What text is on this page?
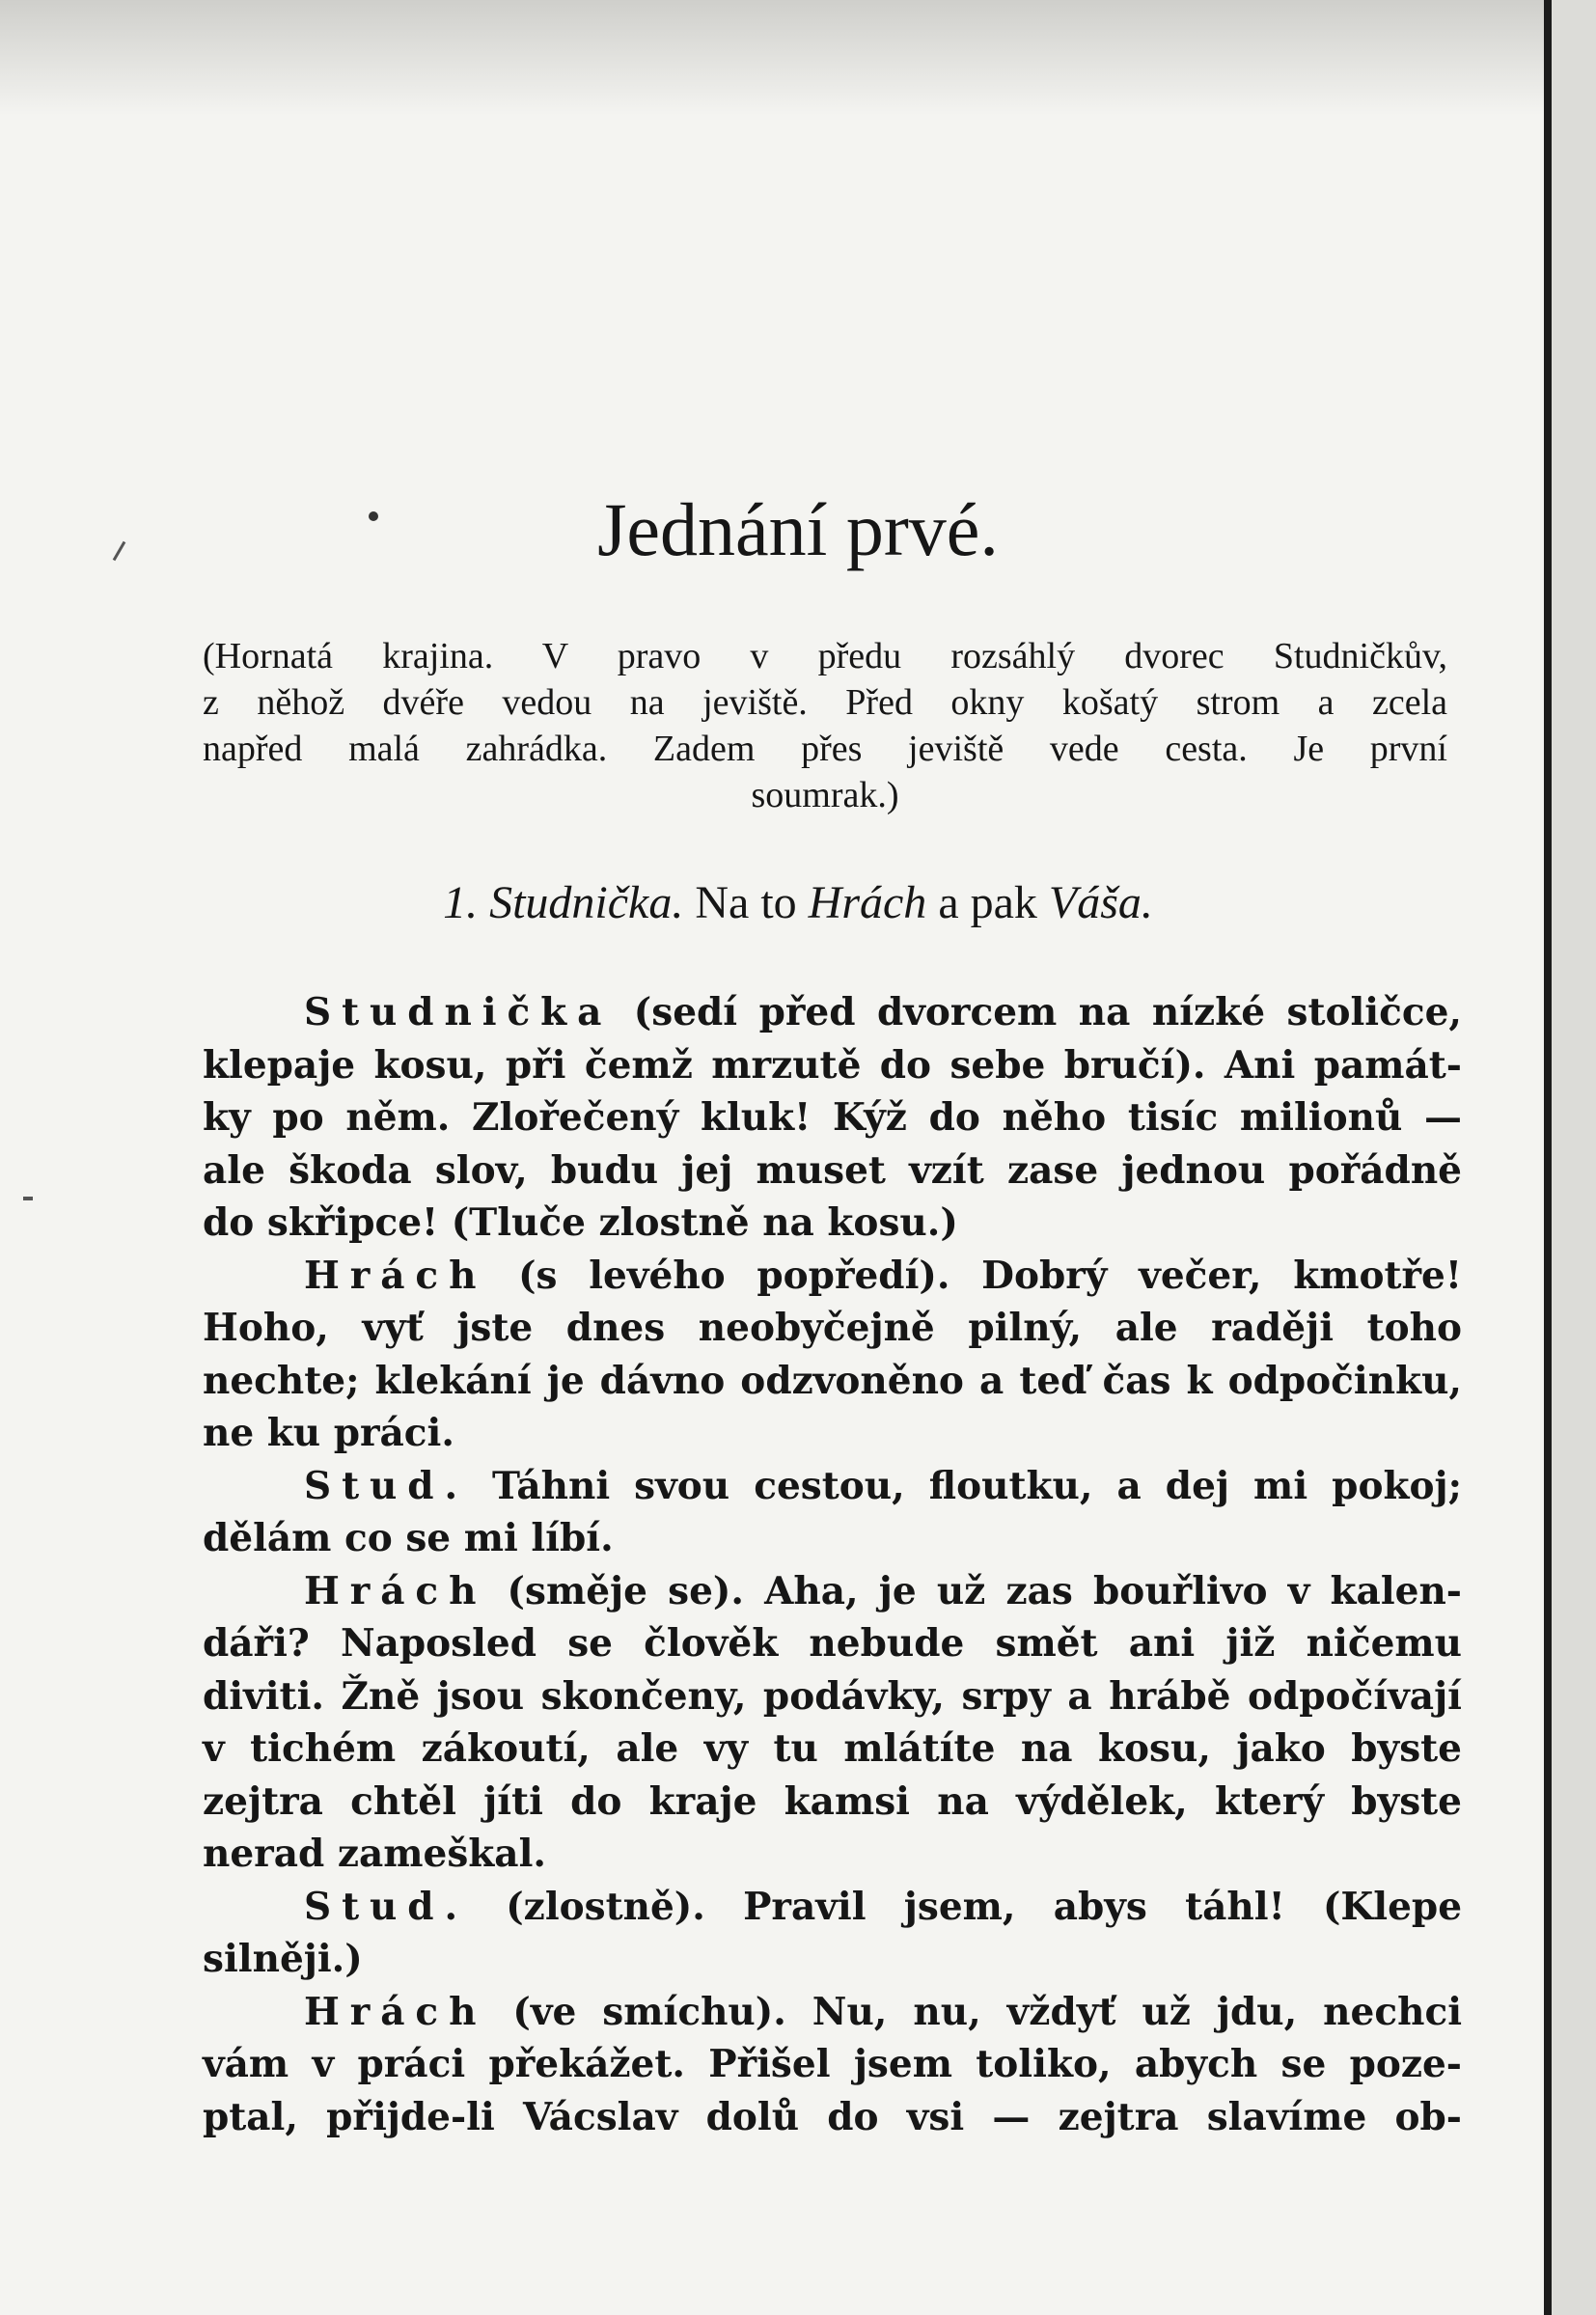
Jednání prvé.
(Hornatá krajina. V pravo v předu rozsáhlý dvorec Studničkův,
z něhož dvéře vedou na jeviště. Před okny košatý strom a zcela
napřed malá zahrádka. Zadem přes jeviště vede cesta. Je první
soumrak.)
1. Studnička. Na to Hrách a pak Váša.
Studnička (sedí před dvorcem na nízké stoličce,
klepaje kosu, při čemž mrzutě do sebe bručí). Ani památ-
ky po něm. Zlořečený kluk! Kýž do něho tisíc milionů —
ale škoda slov, budu jej muset vzít zase jednou pořádně
do skřipce! (Tluče zlostně na kosu.)
Hrách (s levého popředí). Dobrý večer, kmotře!
Hoho, vyť jste dnes neobyčejně pilný, ale raději toho
nechte; klekání je dávno odzvoněno a teď čas k odpočinku,
ne ku práci.
Stud. Táhni svou cestou, floutku, a dej mi pokoj;
dělám co se mi líbí.
Hrách (směje se). Aha, je už zas bouřlivo v kalen-
dáři? Naposled se člověk nebude smět ani již ničemu
diviti. Žně jsou skončeny, podávky, srpy a hrábě odpočívají
v tichém zákoutí, ale vy tu mlátíte na kosu, jako byste
zejtra chtěl jíti do kraje kamsi na výdělek, který byste
nerad zameškal.
Stud. (zlostně). Pravil jsem, abys táhl! (Klepe
silněji.)
Hrách (ve smíchu). Nu, nu, vždyť už jdu, nechci
vám v práci překážet. Přišel jsem toliko, abych se poze-
ptal, přijde-li Vácslav dolů do vsi — zejtra slavíme ob-
